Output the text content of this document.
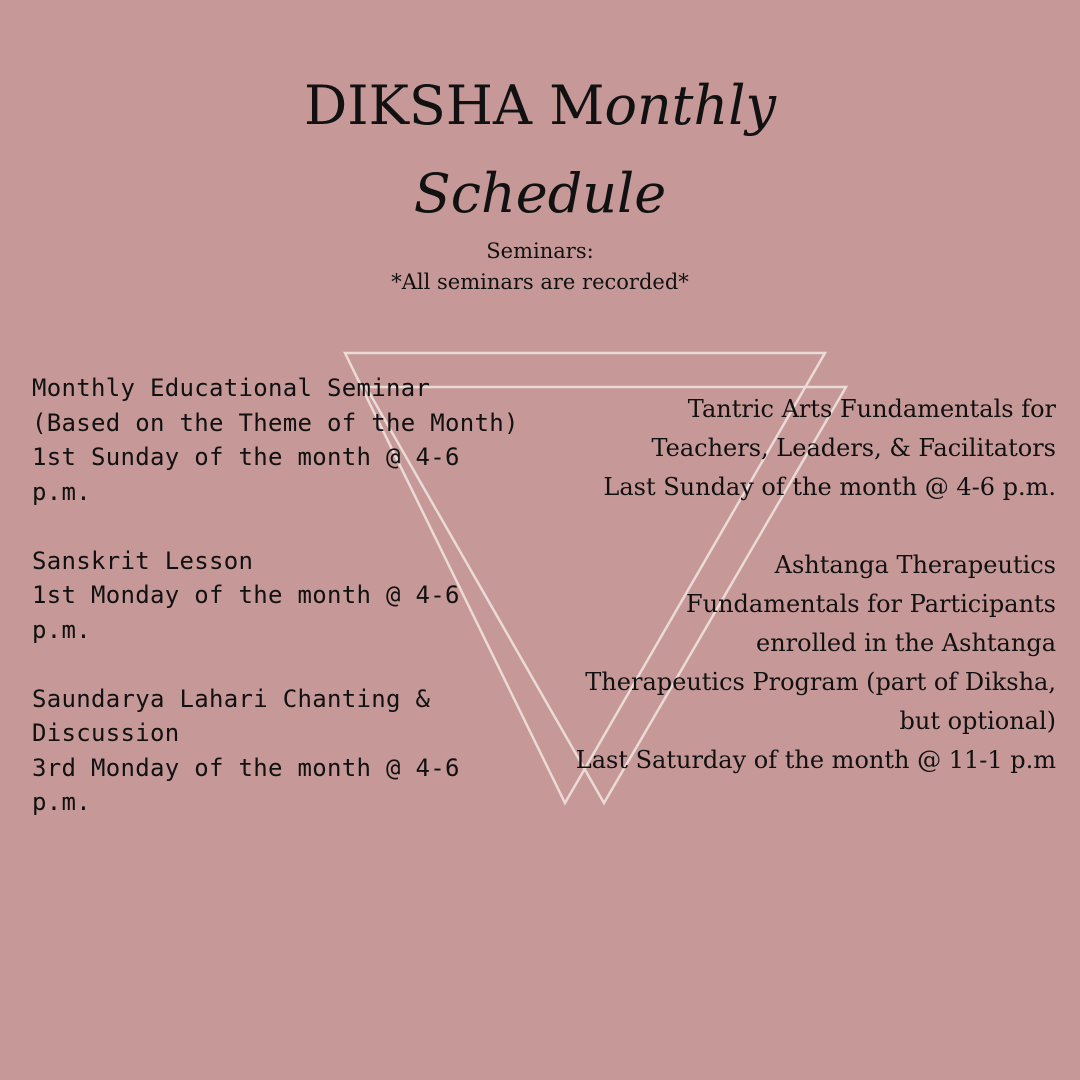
DIKSHA Monthly
Schedule
Seminars:
*All seminars are recorded*
Monthly Educational Seminar
(Based on the Theme of the Month)
1st Sunday of the month @ 4-6
p.m.
Sanskrit Lesson
1st Monday of the month @ 4-6
p.m.
Saundarya Lahari Chanting &
Discussion
3rd Monday of the month @ 4-6
p.m.
Tantric Arts Fundamentals for
Teachers, Leaders, & Facilitators
Last Sunday of the month @ 4-6 p.m.
Ashtanga Therapeutics
Fundamentals for Participants
enrolled in the Ashtanga
Therapeutics Program (part of Diksha,
but optional)
Last Saturday of the month @ 11-1 p.m
